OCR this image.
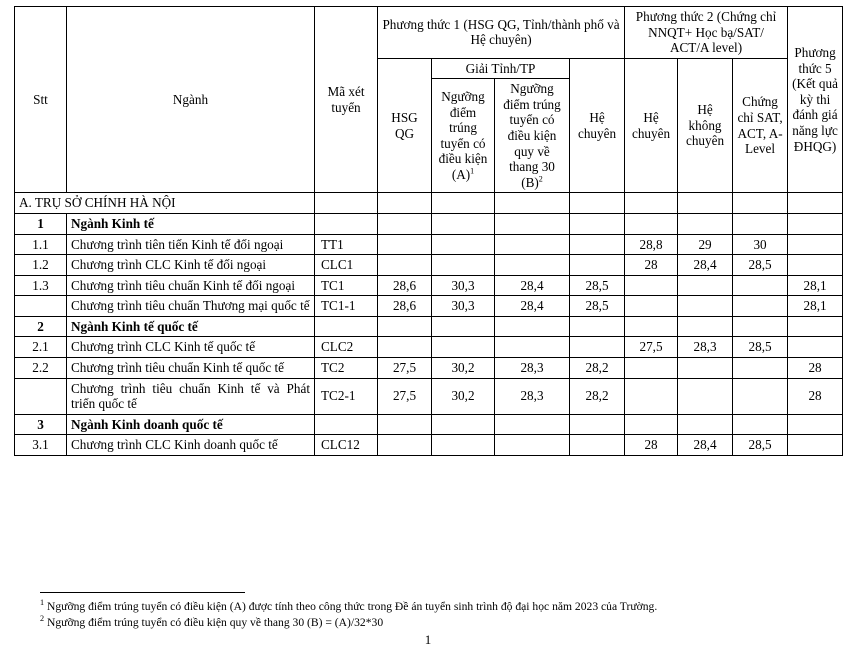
Stt	Ngành	Mã xét tuyển	Phương thức 1 (HSG QG, Tỉnh/thành phố và Hệ chuyên)				Phương thức 2 (Chứng chỉ NNQT+ Học bạ/SAT/ ACT/A level)			Phương thức 5 (Kết quả kỳ thi đánh giá năng lực ĐHQG)
			HSG QG	Giải Tỉnh/TP		Hệ chuyên	Hệ chuyên	Hệ không chuyên	Chứng chỉ SAT, ACT, A-Level	
				Ngưỡng điểm trúng tuyển có điều kiện $(A)^1$	Ngưỡng điểm trúng tuyển có điều kiện quy về thang 30 $(B)^2$

A. TRỤ SỞ CHÍNH HÀ NỘI										
1	Ngành Kinh tế									
1.1	Chương trình tiên tiến Kinh tế đối ngoại	TT1					28,8	29	30	
1.2	Chương trình CLC Kinh tế đối ngoại	CLC1					28	28,4	28,5	
1.3	Chương trình tiêu chuẩn Kinh tế đối ngoại	TC1	28,6	30,3	28,4	28,5				28,1
	Chương trình tiêu chuẩn Thương mại quốc tế	TC1-1	28,6	30,3	28,4	28,5				28,1
2	Ngành Kinh tế quốc tế									
2.1	Chương trình CLC Kinh tế quốc tế	CLC2					27,5	28,3	28,5	
2.2	Chương trình tiêu chuẩn Kinh tế quốc tế	TC2	27,5	30,2	28,3	28,2				28
	Chương trình tiêu chuẩn Kinh tế và Phát triển quốc tế	TC2-1	27,5	30,2	28,3	28,2				28
3	Ngành Kinh doanh quốc tế									
3.1	Chương trình CLC Kinh doanh quốc tế	CLC12					28	28,4	28,5	
$^1$ Ngưỡng điểm trúng tuyển có điều kiện (A) được tính theo công thức trong Đề án tuyển sinh trình độ đại học năm 2023 của Trường.
$^2$ Ngưỡng điểm trúng tuyển có điều kiện quy về thang 30 (B) = (A)/32*30
1
